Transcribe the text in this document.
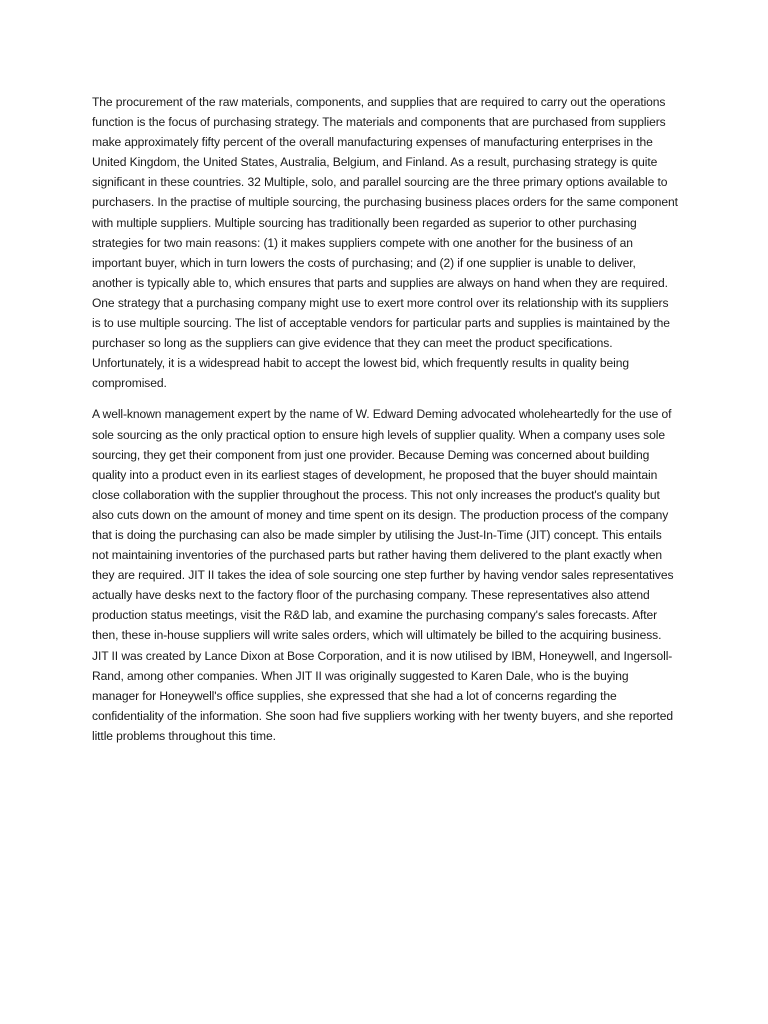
The procurement of the raw materials, components, and supplies that are required to carry out the operations function is the focus of purchasing strategy. The materials and components that are purchased from suppliers make approximately fifty percent of the overall manufacturing expenses of manufacturing enterprises in the United Kingdom, the United States, Australia, Belgium, and Finland. As a result, purchasing strategy is quite significant in these countries. 32 Multiple, solo, and parallel sourcing are the three primary options available to purchasers. In the practise of multiple sourcing, the purchasing business places orders for the same component with multiple suppliers. Multiple sourcing has traditionally been regarded as superior to other purchasing strategies for two main reasons: (1) it makes suppliers compete with one another for the business of an important buyer, which in turn lowers the costs of purchasing; and (2) if one supplier is unable to deliver, another is typically able to, which ensures that parts and supplies are always on hand when they are required. One strategy that a purchasing company might use to exert more control over its relationship with its suppliers is to use multiple sourcing. The list of acceptable vendors for particular parts and supplies is maintained by the purchaser so long as the suppliers can give evidence that they can meet the product specifications. Unfortunately, it is a widespread habit to accept the lowest bid, which frequently results in quality being compromised.

A well-known management expert by the name of W. Edward Deming advocated wholeheartedly for the use of sole sourcing as the only practical option to ensure high levels of supplier quality. When a company uses sole sourcing, they get their component from just one provider. Because Deming was concerned about building quality into a product even in its earliest stages of development, he proposed that the buyer should maintain close collaboration with the supplier throughout the process. This not only increases the product's quality but also cuts down on the amount of money and time spent on its design. The production process of the company that is doing the purchasing can also be made simpler by utilising the Just-In-Time (JIT) concept. This entails not maintaining inventories of the purchased parts but rather having them delivered to the plant exactly when they are required. JIT II takes the idea of sole sourcing one step further by having vendor sales representatives actually have desks next to the factory floor of the purchasing company. These representatives also attend production status meetings, visit the R&D lab, and examine the purchasing company's sales forecasts. After then, these in-house suppliers will write sales orders, which will ultimately be billed to the acquiring business. JIT II was created by Lance Dixon at Bose Corporation, and it is now utilised by IBM, Honeywell, and Ingersoll-Rand, among other companies. When JIT II was originally suggested to Karen Dale, who is the buying manager for Honeywell's office supplies, she expressed that she had a lot of concerns regarding the confidentiality of the information. She soon had five suppliers working with her twenty buyers, and she reported little problems throughout this time.
